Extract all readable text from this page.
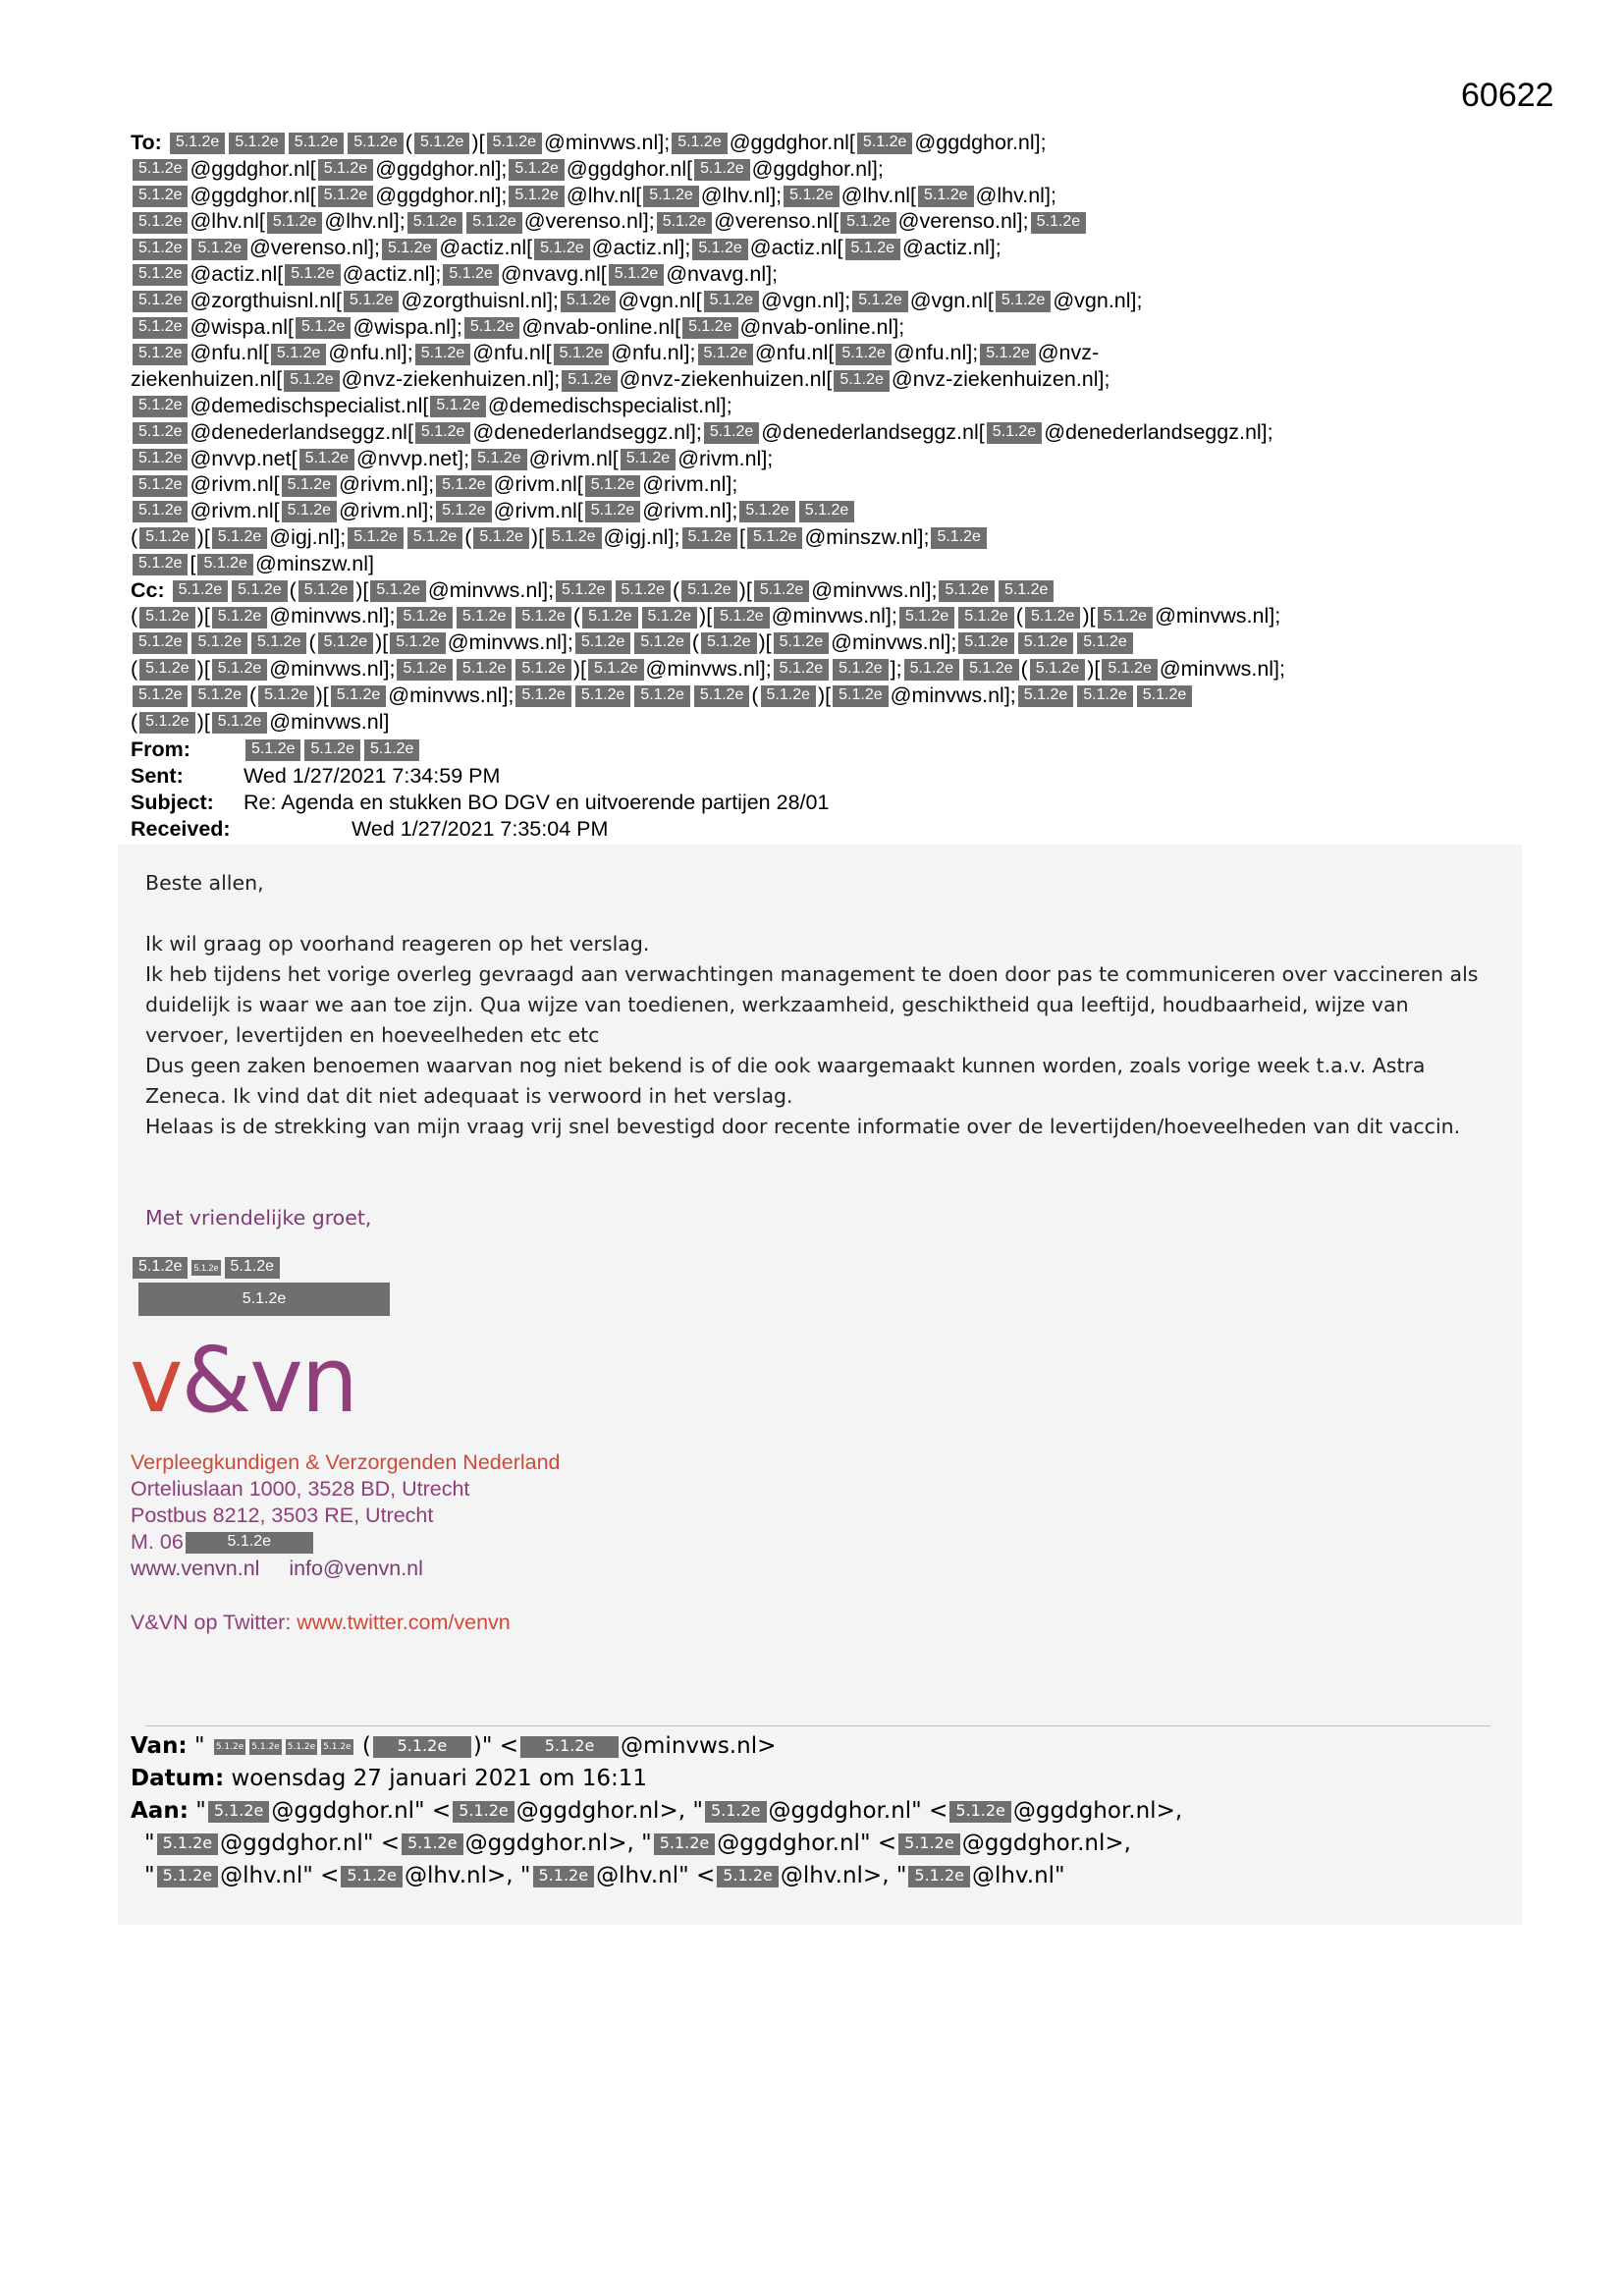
60622
To: 5.1.2e 5.1.2e 5.1.2e 5.1.2e ( 5.1.2e )[ 5.1.2e @minvws.nl]; 5.1.2e @ggdghor.nl[ 5.1.2e @ggdghor.nl];
5.1.2e @ggdghor.nl[ 5.1.2e @ggdghor.nl]; 5.1.2e @ggdghor.nl[ 5.1.2e @ggdghor.nl];
5.1.2e @ggdghor.nl[ 5.1.2e @ggdghor.nl]; 5.1.2e @lhv.nl[ 5.1.2e @lhv.nl]; 5.1.2e @lhv.nl[ 5.1.2e @lhv.nl];
5.1.2e @lhv.nl[ 5.1.2e @lhv.nl]; 5.1.2e 5.1.2e @verenso.nl]; 5.1.2e @verenso.nl[ 5.1.2e @verenso.nl]; 5.1.2e
5.1.2e 5.1.2e @verenso.nl]; 5.1.2e @actiz.nl[ 5.1.2e @actiz.nl]; 5.1.2e @actiz.nl[ 5.1.2e @actiz.nl];
5.1.2e @actiz.nl[ 5.1.2e @actiz.nl]; 5.1.2e @nvavg.nl[ 5.1.2e @nvavg.nl];
5.1.2e @zorgthuisnl.nl[ 5.1.2e @zorgthuisnl.nl]; 5.1.2e @vgn.nl[ 5.1.2e @vgn.nl]; 5.1.2e @vgn.nl[ 5.1.2e @vgn.nl];
5.1.2e @wispa.nl[ 5.1.2e @wispa.nl]; 5.1.2e @nvab-online.nl[ 5.1.2e @nvab-online.nl];
5.1.2e @nfu.nl[ 5.1.2e @nfu.nl]; 5.1.2e @nfu.nl[ 5.1.2e @nfu.nl]; 5.1.2e @nfu.nl[ 5.1.2e @nfu.nl]; 5.1.2e @nvz-
ziekenhuizen.nl[ 5.1.2e @nvz-ziekenhuizen.nl]; 5.1.2e @nvz-ziekenhuizen.nl[ 5.1.2e @nvz-ziekenhuizen.nl];
5.1.2e @demedischspecialist.nl[ 5.1.2e @demedischspecialist.nl];
5.1.2e @denederlandseggz.nl[ 5.1.2e @denederlandseggz.nl]; 5.1.2e @denederlandseggz.nl[ 5.1.2e @denederlandseggz.nl];
5.1.2e @nvvp.net[ 5.1.2e @nvvp.net]; 5.1.2e @rivm.nl[ 5.1.2e @rivm.nl];
5.1.2e @rivm.nl[ 5.1.2e @rivm.nl]; 5.1.2e @rivm.nl[ 5.1.2e @rivm.nl];
5.1.2e @rivm.nl[ 5.1.2e @rivm.nl]; 5.1.2e @rivm.nl[ 5.1.2e @rivm.nl]; 5.1.2e 5.1.2e
( 5.1.2e )[ 5.1.2e @igj.nl]; 5.1.2e 5.1.2e ( 5.1.2e )[ 5.1.2e @igj.nl]; 5.1.2e [ 5.1.2e @minszw.nl]; 5.1.2e
5.1.2e [ 5.1.2e @minszw.nl]
Cc: 5.1.2e 5.1.2e ( 5.1.2e )[ 5.1.2e @minvws.nl]; 5.1.2e 5.1.2e ( 5.1.2e )[ 5.1.2e @minvws.nl]; 5.1.2e 5.1.2e
( 5.1.2e )[ 5.1.2e @minvws.nl]; 5.1.2e 5.1.2e 5.1.2e ( 5.1.2e 5.1.2e )[ 5.1.2e @minvws.nl]; 5.1.2e 5.1.2e ( 5.1.2e )[ 5.1.2e @minvws.nl];
5.1.2e 5.1.2e 5.1.2e ( 5.1.2e )[ 5.1.2e @minvws.nl]; 5.1.2e 5.1.2e ( 5.1.2e )[ 5.1.2e @minvws.nl]; 5.1.2e 5.1.2e 5.1.2e
( 5.1.2e )[ 5.1.2e @minvws.nl]; 5.1.2e 5.1.2e 5.1.2e )[ 5.1.2e @minvws.nl]; 5.1.2e 5.1.2e ]; 5.1.2e 5.1.2e ( 5.1.2e )[ 5.1.2e @minvws.nl];
5.1.2e 5.1.2e ( 5.1.2e )[ 5.1.2e @minvws.nl]; 5.1.2e 5.1.2e 5.1.2e 5.1.2e ( 5.1.2e )[ 5.1.2e @minvws.nl]; 5.1.2e 5.1.2e 5.1.2e
( 5.1.2e )[ 5.1.2e @minvws.nl]
From:	5.1.2e 5.1.2e 5.1.2e
Sent:	Wed 1/27/2021 7:34:59 PM
Subject:	Re: Agenda en stukken BO DGV en uitvoerende partijen 28/01
Received:	Wed 1/27/2021 7:35:04 PM

Beste allen,

Ik wil graag op voorhand reageren op het verslag.
Ik heb tijdens het vorige overleg gevraagd aan verwachtingen management te doen door pas te communiceren over vaccineren als
duidelijk is waar we aan toe zijn. Qua wijze van toedienen, werkzaamheid, geschiktheid qua leeftijd, houdbaarheid, wijze van
vervoer, levertijden en hoeveelheden etc etc
Dus geen zaken benoemen waarvan nog niet bekend is of die ook waargemaakt kunnen worden, zoals vorige week t.a.v. Astra
Zeneca. Ik vind dat dit niet adequaat is verwoord in het verslag.
Helaas is de strekking van mijn vraag vrij snel bevestigd door recente informatie over de levertijden/hoeveelheden van dit vaccin.
Met vriendelijke groet,
5.1.2e 5.1.2e 5.1.2e
5.1.2e
v&vn
Verpleegkundigen & Verzorgenden Nederland
Orteliuslaan 1000, 3528 BD, Utrecht
Postbus 8212, 3503 RE, Utrecht
M. 06	5.1.2e
www.venvn.nl info@venvn.nl
V&VN op Twitter: www.twitter.com/venvn
Van: " 5.1.2e 5.1.2e 5.1.2e 5.1.2e ( 5.1.2e )" < 5.1.2e @minvws.nl>
Datum: woensdag 27 januari 2021 om 16:11
Aan: " 5.1.2e @ggdghor.nl" < 5.1.2e @ggdghor.nl>, " 5.1.2e @ggdghor.nl" < 5.1.2e @ggdghor.nl>,
" 5.1.2e @ggdghor.nl" < 5.1.2e @ggdghor.nl>, " 5.1.2e @ggdghor.nl" < 5.1.2e @ggdghor.nl>,
" 5.1.2e @lhv.nl" < 5.1.2e @lhv.nl>, " 5.1.2e @lhv.nl" < 5.1.2e @lhv.nl>, " 5.1.2e @lhv.nl"
